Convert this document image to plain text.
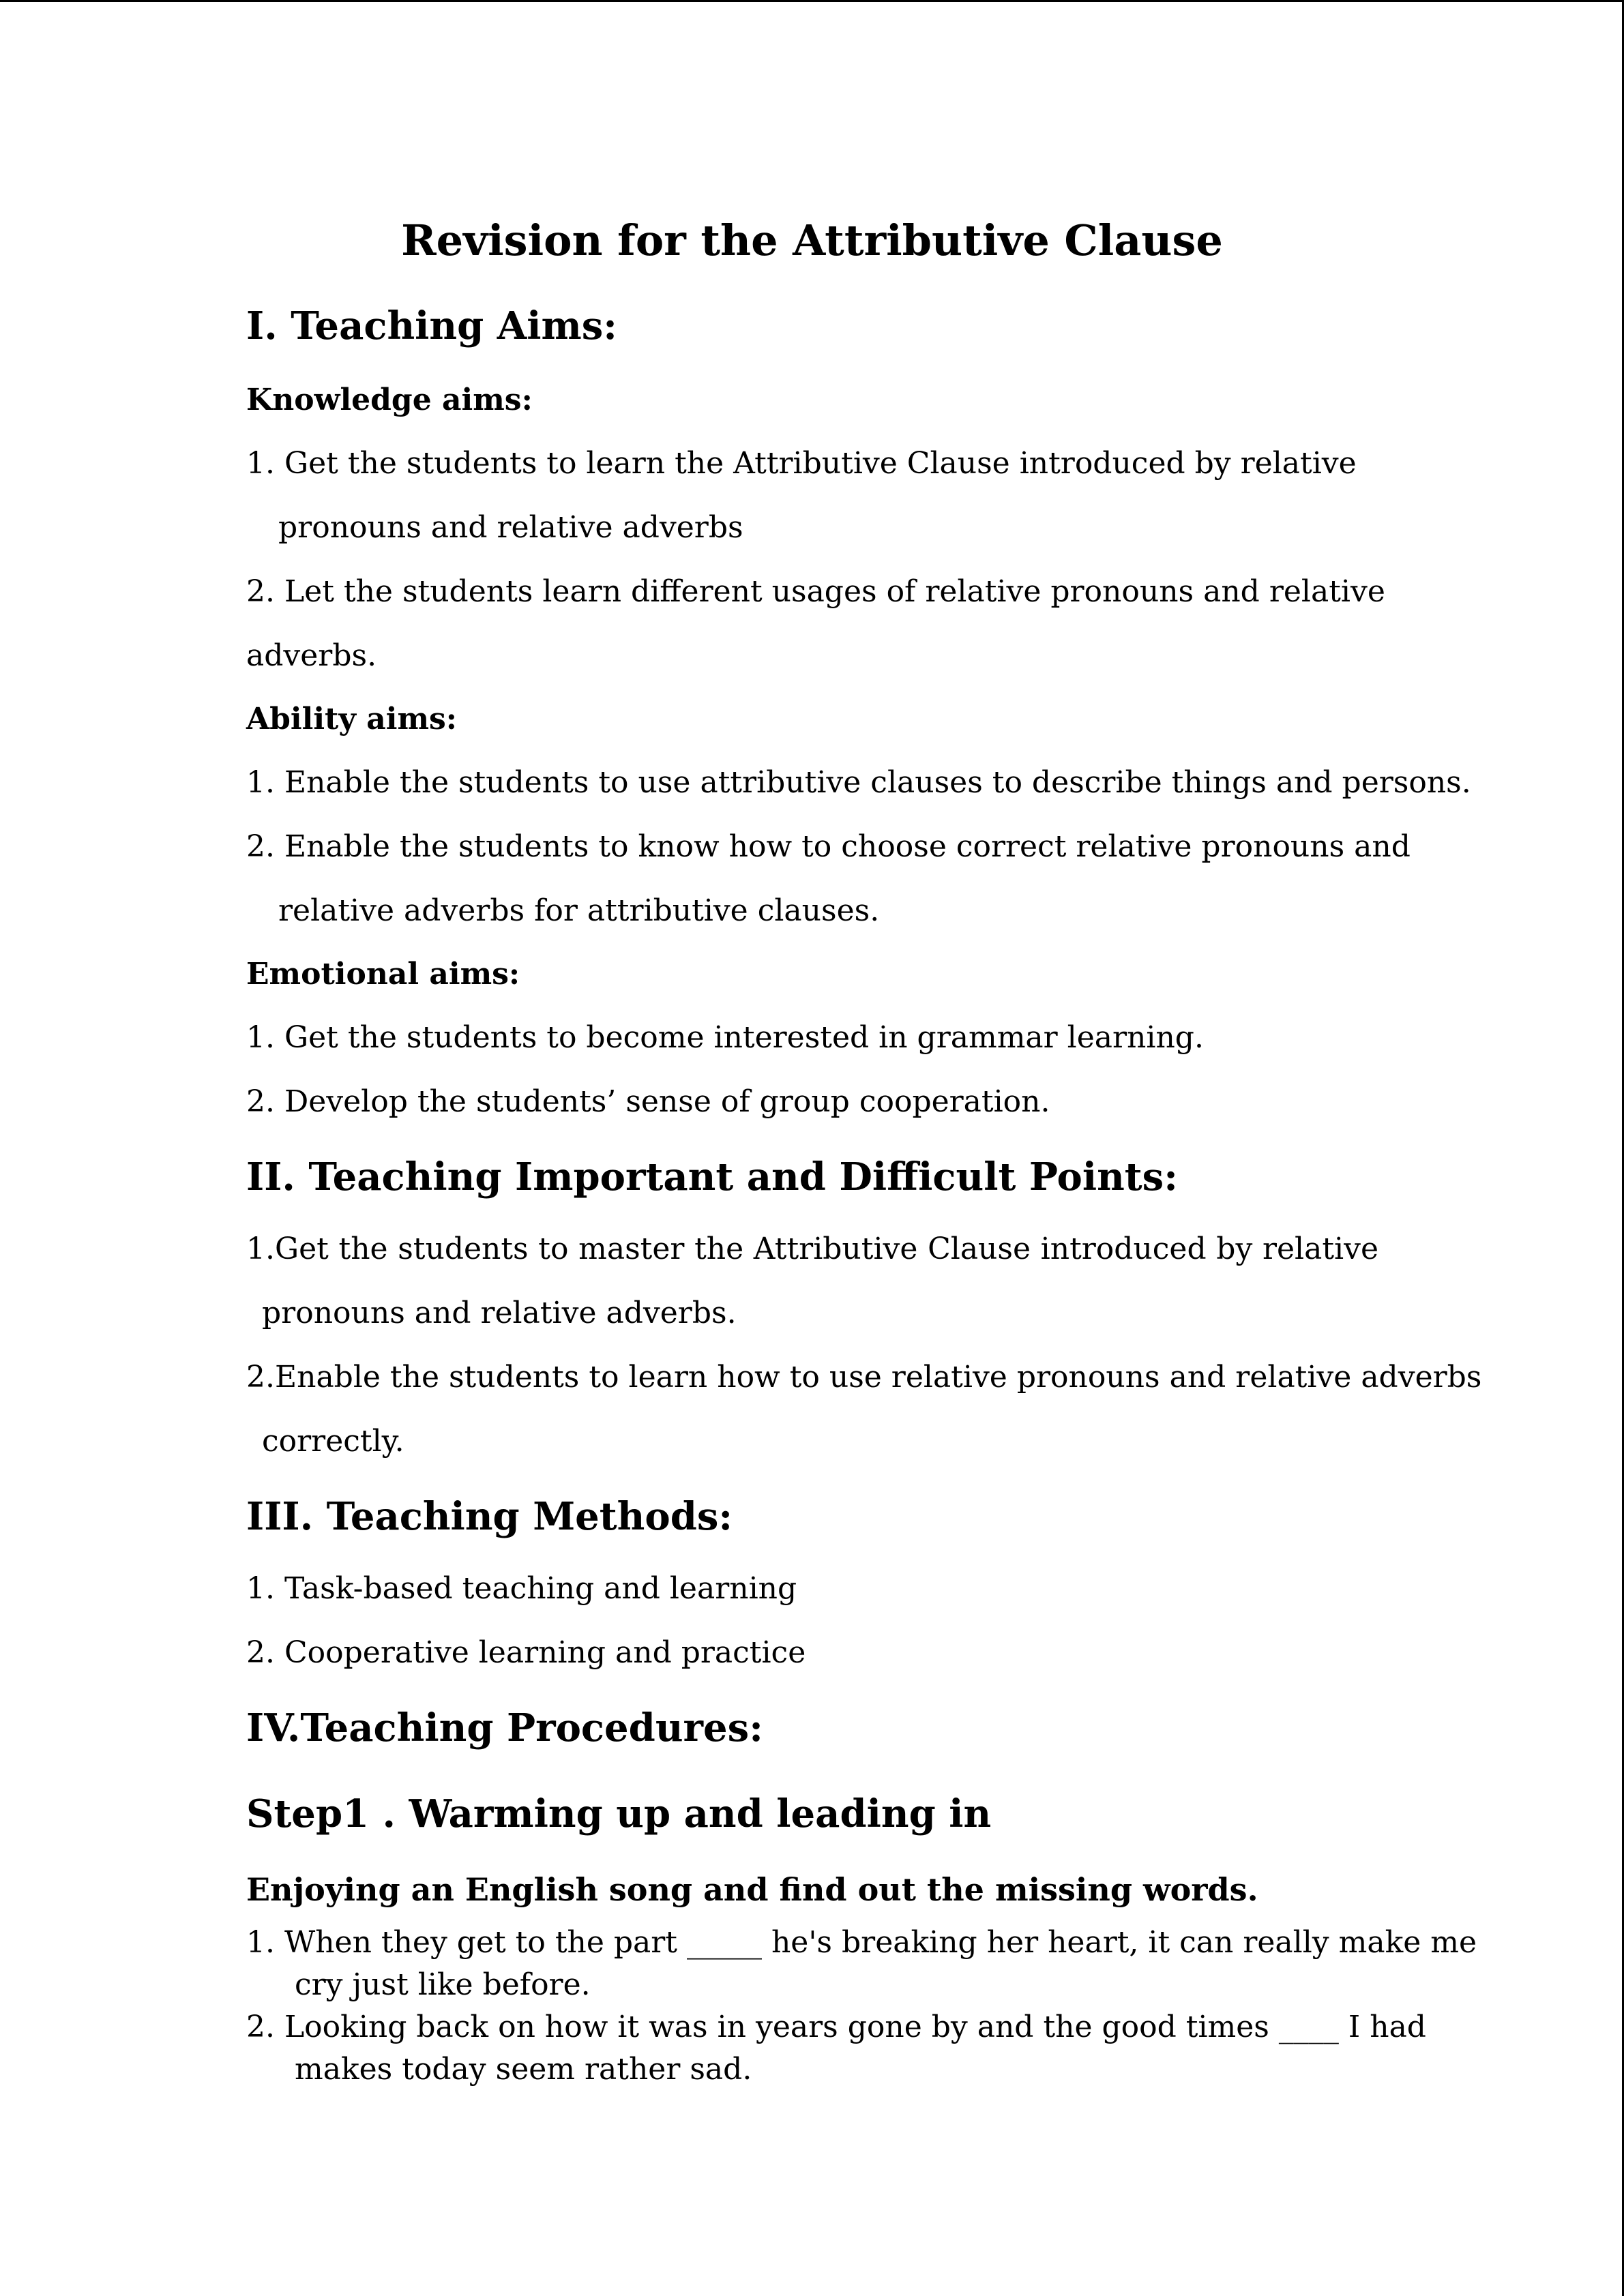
Revision for the Attributive Clause
I. Teaching Aims:
Knowledge aims:
1. Get the students to learn the Attributive Clause introduced by relative
pronouns and relative adverbs
2. Let the students learn different usages of relative pronouns and relative
adverbs.
Ability aims:
1. Enable the students to use attributive clauses to describe things and persons.
2. Enable the students to know how to choose correct relative pronouns and
relative adverbs for attributive clauses.
Emotional aims:
1. Get the students to become interested in grammar learning.
2. Develop the students’ sense of group cooperation.
II. Teaching Important and Difficult Points:
1.Get the students to master the Attributive Clause introduced by relative
pronouns and relative adverbs.
2.Enable the students to learn how to use relative pronouns and relative adverbs
correctly.
III. Teaching Methods:
1. Task-based teaching and learning
2. Cooperative learning and practice
IV.Teaching Procedures:
Step1 . Warming up and leading in
Enjoying an English song and find out the missing words.
1. When they get to the part _____ he's breaking her heart, it can really make me
cry just like before.
2. Looking back on how it was in years gone by and the good times ____ I had
makes today seem rather sad.
